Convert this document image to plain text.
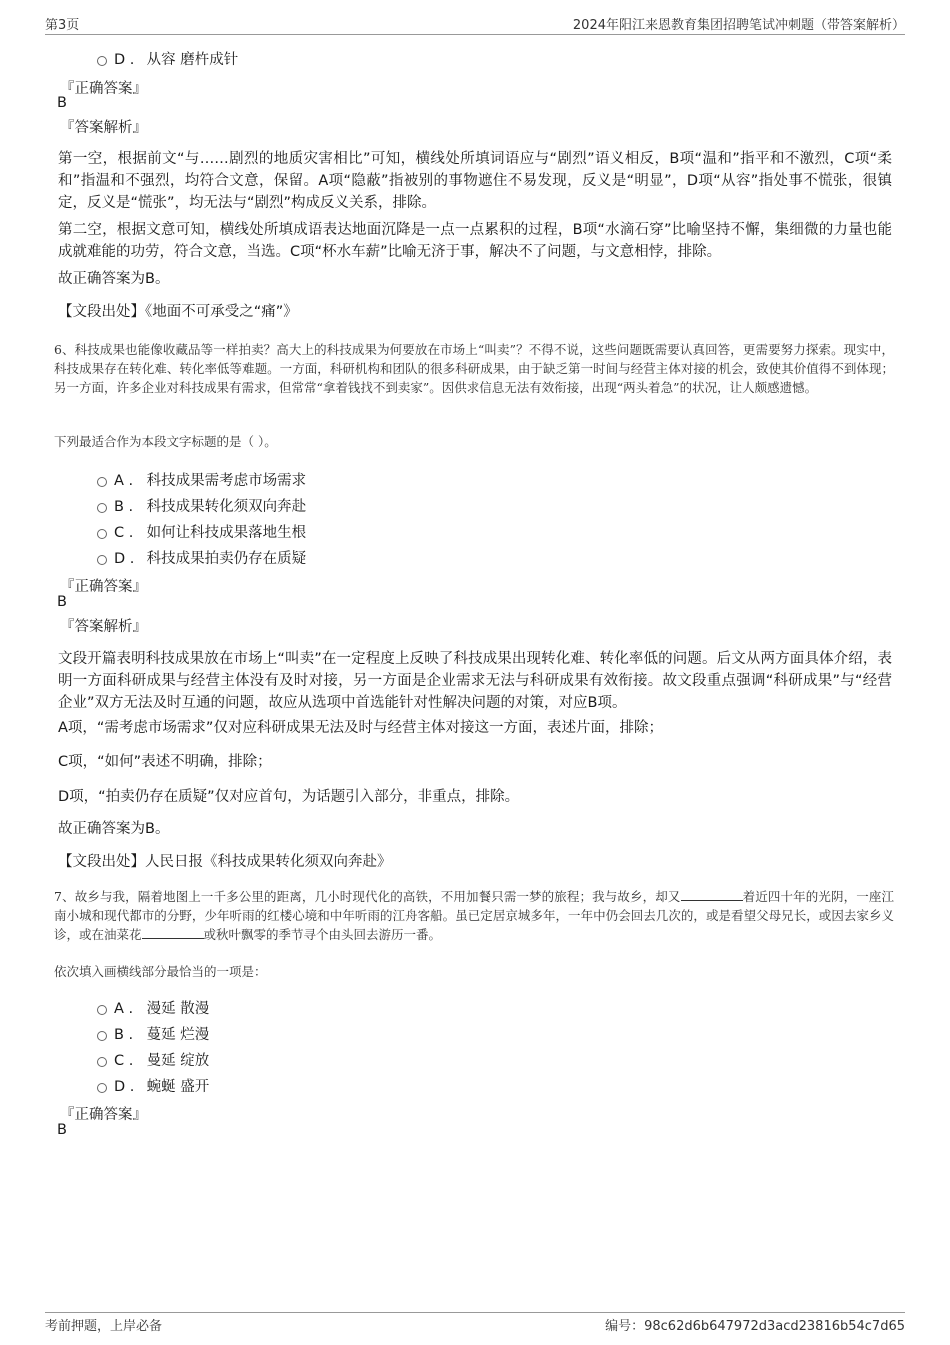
第3页	2024年阳江来恩教育集团招聘笔试冲刺题（带答案解析）
D . 从容 磨杵成针
『正确答案』
B
『答案解析』
第一空，根据前文“与……剧烈的地质灾害相比”可知，横线处所填词语应与“剧烈”语义相反，B项“温和”指平和不激烈，C项“柔和”指温和不强烈，均符合文意，保留。A项“隐蔽”指被别的事物遮住不易发现，反义是“明显”，D项“从容”指处事不慌张，很镇定，反义是“慌张”，均无法与“剧烈”构成反义关系，排除。
第二空，根据文意可知，横线处所填成语表达地面沉降是一点一点累积的过程，B项“水滴石穿”比喻坚持不懈，集细微的力量也能成就难能的功劳，符合文意，当选。C项“杯水车薪”比喻无济于事，解决不了问题，与文意相悖，排除。
故正确答案为B。
【文段出处】《地面不可承受之“痛”》
6、科技成果也能像收藏品等一样拍卖？高大上的科技成果为何要放在市场上“叫卖”？不得不说，这些问题既需要认真回答，更需要努力探索。现实中，科技成果存在转化难、转化率低等难题。一方面，科研机构和团队的很多科研成果，由于缺乏第一时间与经营主体对接的机会，致使其价值得不到体现；另一方面，许多企业对科技成果有需求，但常常“拿着钱找不到卖家”。因供求信息无法有效衔接，出现“两头着急”的状况，让人颇感遗憾。
下列最适合作为本段文字标题的是（ ）。
A . 科技成果需考虑市场需求
B . 科技成果转化须双向奔赴
C . 如何让科技成果落地生根
D . 科技成果拍卖仍存在质疑
『正确答案』
B
『答案解析』
文段开篇表明科技成果放在市场上“叫卖”在一定程度上反映了科技成果出现转化难、转化率低的问题。后文从两方面具体介绍，表明一方面科研成果与经营主体没有及时对接，另一方面是企业需求无法与科研成果有效衔接。故文段重点强调“科研成果”与“经营企业”双方无法及时互通的问题，故应从选项中首选能针对性解决问题的对策，对应B项。
A项，“需考虑市场需求”仅对应科研成果无法及时与经营主体对接这一方面，表述片面，排除；
C项，“如何”表述不明确，排除；
D项，“拍卖仍存在质疑”仅对应首句，为话题引入部分，非重点，排除。
故正确答案为B。
【文段出处】人民日报《科技成果转化须双向奔赴》
7、故乡与我，隔着地图上一千多公里的距离，几小时现代化的高铁，不用加餐只需一梦的旅程；我与故乡，却又	着近四十年的光阴，一座江南小城和现代都市的分野，少年听雨的红楼心境和中年听雨的江舟客船。虽已定居京城多年，一年中仍会回去几次的，或是看望父母兄长，或因去家乡义诊，或在油菜花	或秋叶飘零的季节寻个由头回去游历一番。
依次填入画横线部分最恰当的一项是：
A . 漫延 散漫
B . 蔓延 烂漫
C . 曼延 绽放
D . 蜿蜒 盛开
『正确答案』
B
考前押题，上岸必备	编号：98c62d6b647972d3acd23816b54c7d65
